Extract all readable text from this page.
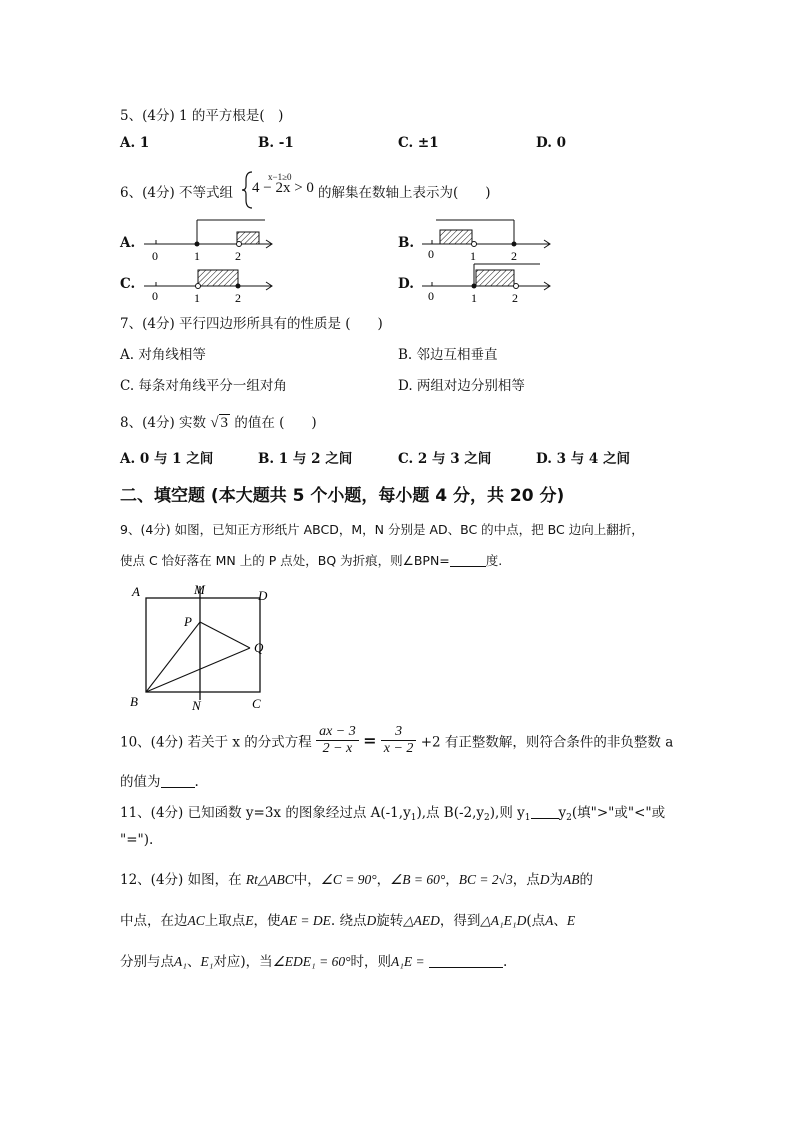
5、(4分) 1 的平方根是(　)
A. 1	B. -1	C. ±1	D. 0
6、(4分) 不等式组
x−1≥0
4 − 2x > 0 的解集在数轴上表示为(　　)
A.
0	1	2
B.
0	1	2
C.
0	1	2
D.
0	1	2
7、(4分) 平行四边形所具有的性质是 (　　)
A. 对角线相等	B. 邻边互相垂直
C. 每条对角线平分一组对角	D. 两组对边分别相等
8、(4分) 实数 √ 3 的值在 (　　)
A. 0 与 1 之间	B. 1 与 2 之间	C. 2 与 3 之间	D. 3 与 4 之间
二、填空题 (本大题共 5 个小题，每小题 4 分，共 20 分)
9、(4分) 如图，已知正方形纸片 ABCD，M，N 分别是 AD、BC 的中点，把 BC 边向上翻折，
使点 C 恰好落在 MN 上的 P 点处，BQ 为折痕，则∠BPN=	度.
A	M	D
P
Q
B	N	C
10、(4分) 若关于 x 的分式方程 $\frac{ax - 3}{2 - x} = \frac{3}{x - 2} +2$ 有正整数解，则符合条件的非负整数 a
的值为	.
11、(4分) 已知函数 y=3x 的图象经过点 $A(-1,y_1)$,点 $B(-2,y_2)$,则 $y_1$ $y_2$(填">"或"<"或
"=").
12、(4分) 如图，在 Rt△ABC中，∠C = 90°，∠B = 60°，BC = 2√3，点D为AB的
中点，在边AC上取点E，使AE = DE. 绕点D旋转△AED，得到△A₁E₁D(点A、E
分别与点A₁、E₁对应)，当∠EDE₁ = 60°时，则A₁E =	.
